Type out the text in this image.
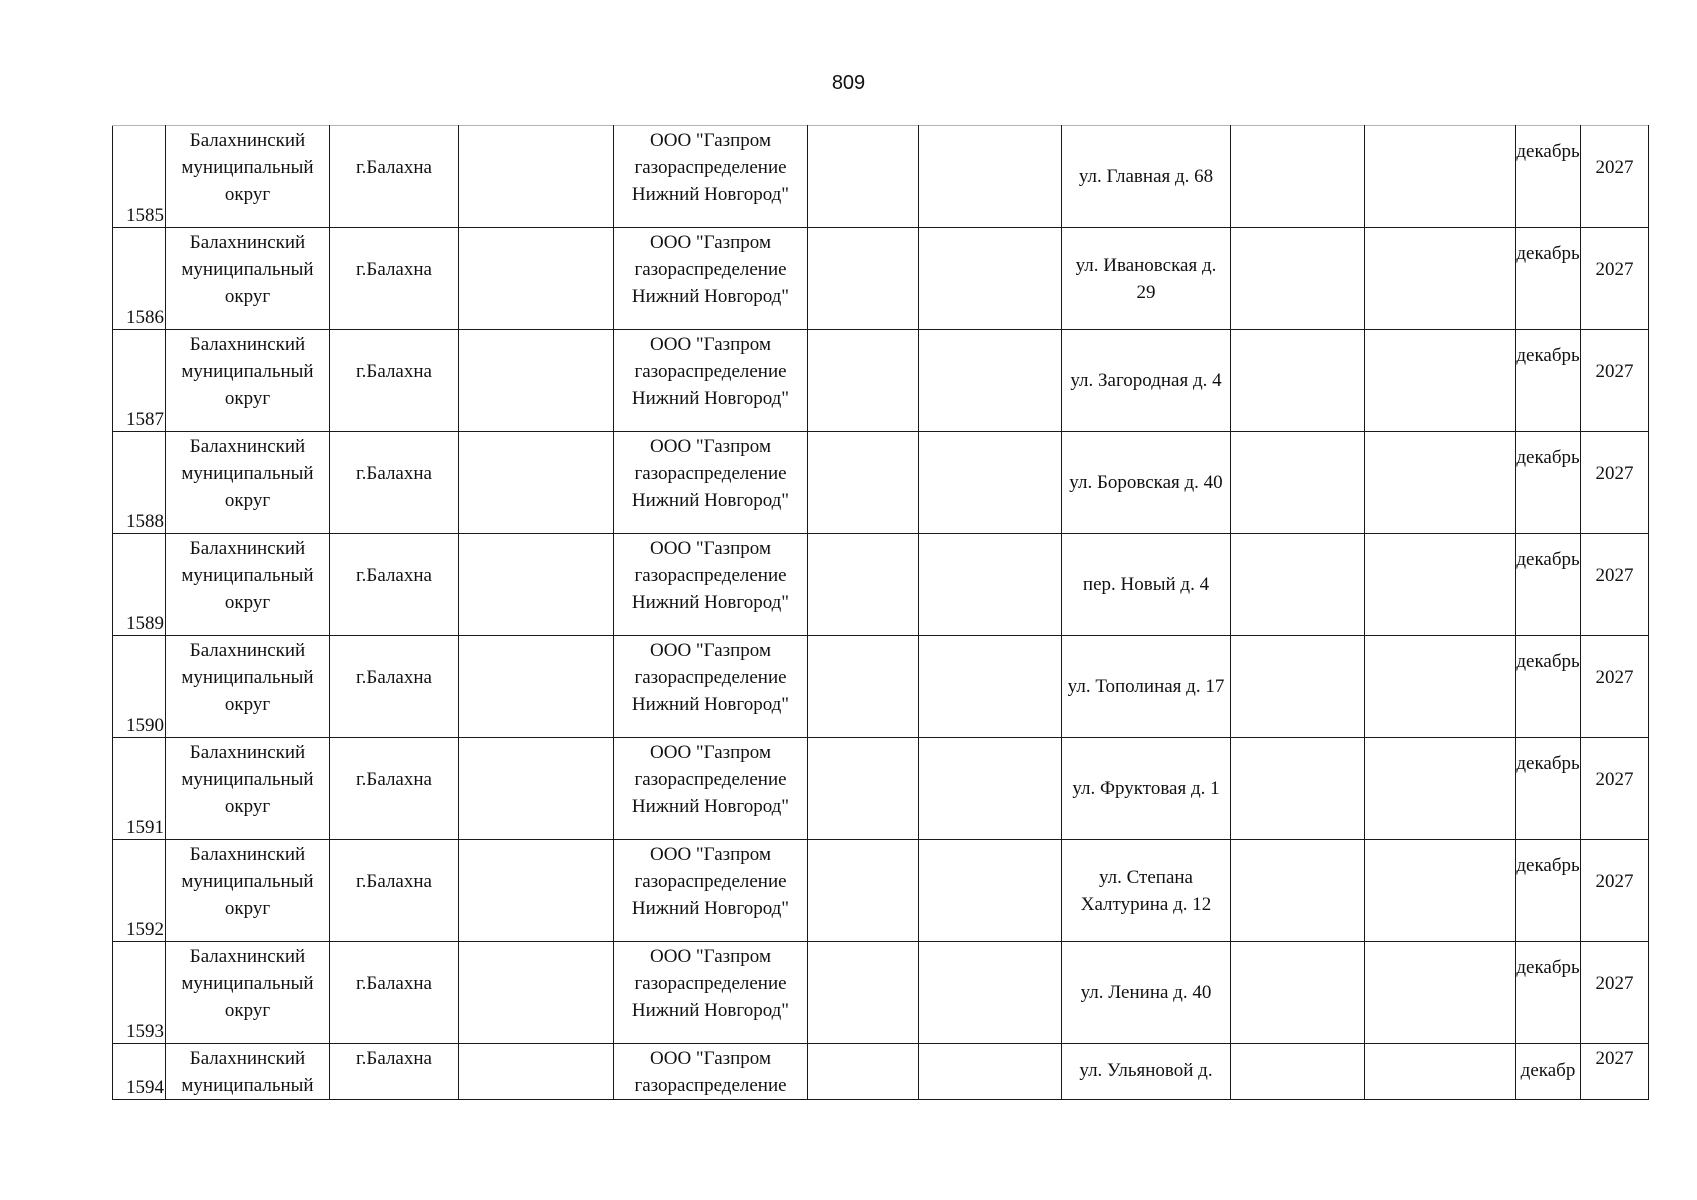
809
1585	Балахнинский
муниципальный
округ	г.Балахна		ООО "Газпром
газораспределение
Нижний Новгород"			ул. Главная д. 68			декабрь	2027
1586	Балахнинский
муниципальный
округ	г.Балахна		ООО "Газпром
газораспределение
Нижний Новгород"			ул. Ивановская д. 29			декабрь	2027
1587	Балахнинский
муниципальный
округ	г.Балахна		ООО "Газпром
газораспределение
Нижний Новгород"			ул. Загородная д. 4			декабрь	2027
1588	Балахнинский
муниципальный
округ	г.Балахна		ООО "Газпром
газораспределение
Нижний Новгород"			ул. Боровская д. 40			декабрь	2027
1589	Балахнинский
муниципальный
округ	г.Балахна		ООО "Газпром
газораспределение
Нижний Новгород"			пер. Новый д. 4			декабрь	2027
1590	Балахнинский
муниципальный
округ	г.Балахна		ООО "Газпром
газораспределение
Нижний Новгород"			ул. Тополиная д. 17			декабрь	2027
1591	Балахнинский
муниципальный
округ	г.Балахна		ООО "Газпром
газораспределение
Нижний Новгород"			ул. Фруктовая д. 1			декабрь	2027
1592	Балахнинский
муниципальный
округ	г.Балахна		ООО "Газпром
газораспределение
Нижний Новгород"			ул. Степана Халтурина д. 12			декабрь	2027
1593	Балахнинский
муниципальный
округ	г.Балахна		ООО "Газпром
газораспределение
Нижний Новгород"			ул. Ленина д. 40			декабрь	2027
1594	Балахнинский
муниципальный	г.Балахна		ООО "Газпром
газораспределение			ул. Ульяновой д.			декабр	2027
